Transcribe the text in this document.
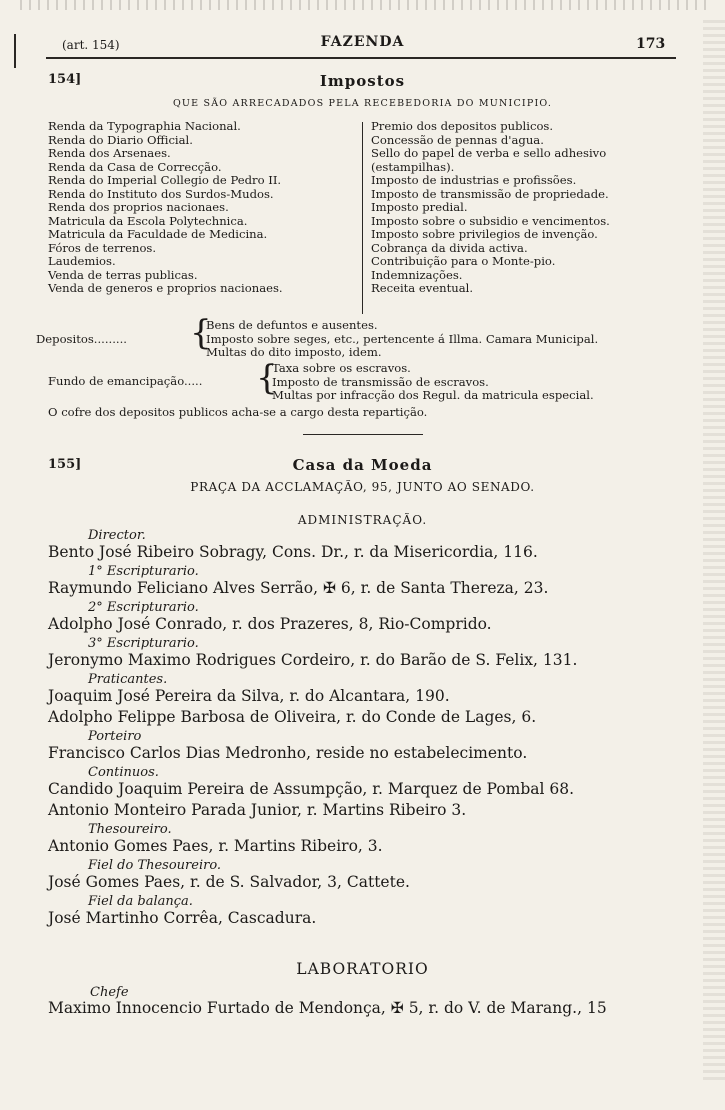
(art. 154)	FAZENDA	173
154]	Impostos
QUE SÃO ARRECADADOS PELA RECEBEDORIA DO MUNICIPIO.
Renda da Typographia Nacional.
Renda do Diario Official.
Renda dos Arsenaes.
Renda da Casa de Correcção.
Renda do Imperial Collegio de Pedro II.
Renda do Instituto dos Surdos-Mudos.
Renda dos proprios nacionaes.
Matricula da Escola Polytechnica.
Matricula da Faculdade de Medicina.
Fóros de terrenos.
Laudemios.
Venda de terras publicas.
Venda de generos e proprios nacionaes.
Premio dos depositos publicos.
Concessão de pennas d'agua.
Sello do papel de verba e sello adhesivo
(estampilhas).
Imposto de industrias e profissões.
Imposto de transmissão de propriedade.
Imposto predial.
Imposto sobre o subsidio e vencimentos.
Imposto sobre privilegios de invenção.
Cobrança da divida activa.
Contribuição para o Monte-pio.
Indemnizações.
Receita eventual.
Depositos......... {
Bens de defuntos e ausentes.
Imposto sobre seges, etc., pertencente á Illma. Camara Municipal.
Multas do dito imposto, idem.
Fundo de emancipação..... {
Taxa sobre os escravos.
Imposto de transmissão de escravos.
Multas por infracção dos Regul. da matricula especial.
O cofre dos depositos publicos acha-se a cargo desta repartição.
155]	Casa da Moeda
PRAÇA DA ACCLAMAÇÃO, 95, JUNTO AO SENADO.
ADMINISTRAÇÃO.
Director.
Bento José Ribeiro Sobragy, Cons. Dr., r. da Misericordia, 116.
1° Escripturario.
Raymundo Feliciano Alves Serrão, ✠ 6, r. de Santa Thereza, 23.
2° Escripturario.
Adolpho José Conrado, r. dos Prazeres, 8, Rio-Comprido.
3° Escripturario.
Jeronymo Maximo Rodrigues Cordeiro, r. do Barão de S. Felix, 131.
Praticantes.
Joaquim José Pereira da Silva, r. do Alcantara, 190.
Adolpho Felippe Barbosa de Oliveira, r. do Conde de Lages, 6.
Porteiro
Francisco Carlos Dias Medronho, reside no estabelecimento.
Continuos.
Candido Joaquim Pereira de Assumpção, r. Marquez de Pombal 68.
Antonio Monteiro Parada Junior, r. Martins Ribeiro 3.
Thesoureiro.
Antonio Gomes Paes, r. Martins Ribeiro, 3.
Fiel do Thesoureiro.
José Gomes Paes, r. de S. Salvador, 3, Cattete.
Fiel da balança.
José Martinho Corrêa, Cascadura.
LABORATORIO
Chefe
Maximo Innocencio Furtado de Mendonça, ✠ 5, r. do V. de Marang., 15
